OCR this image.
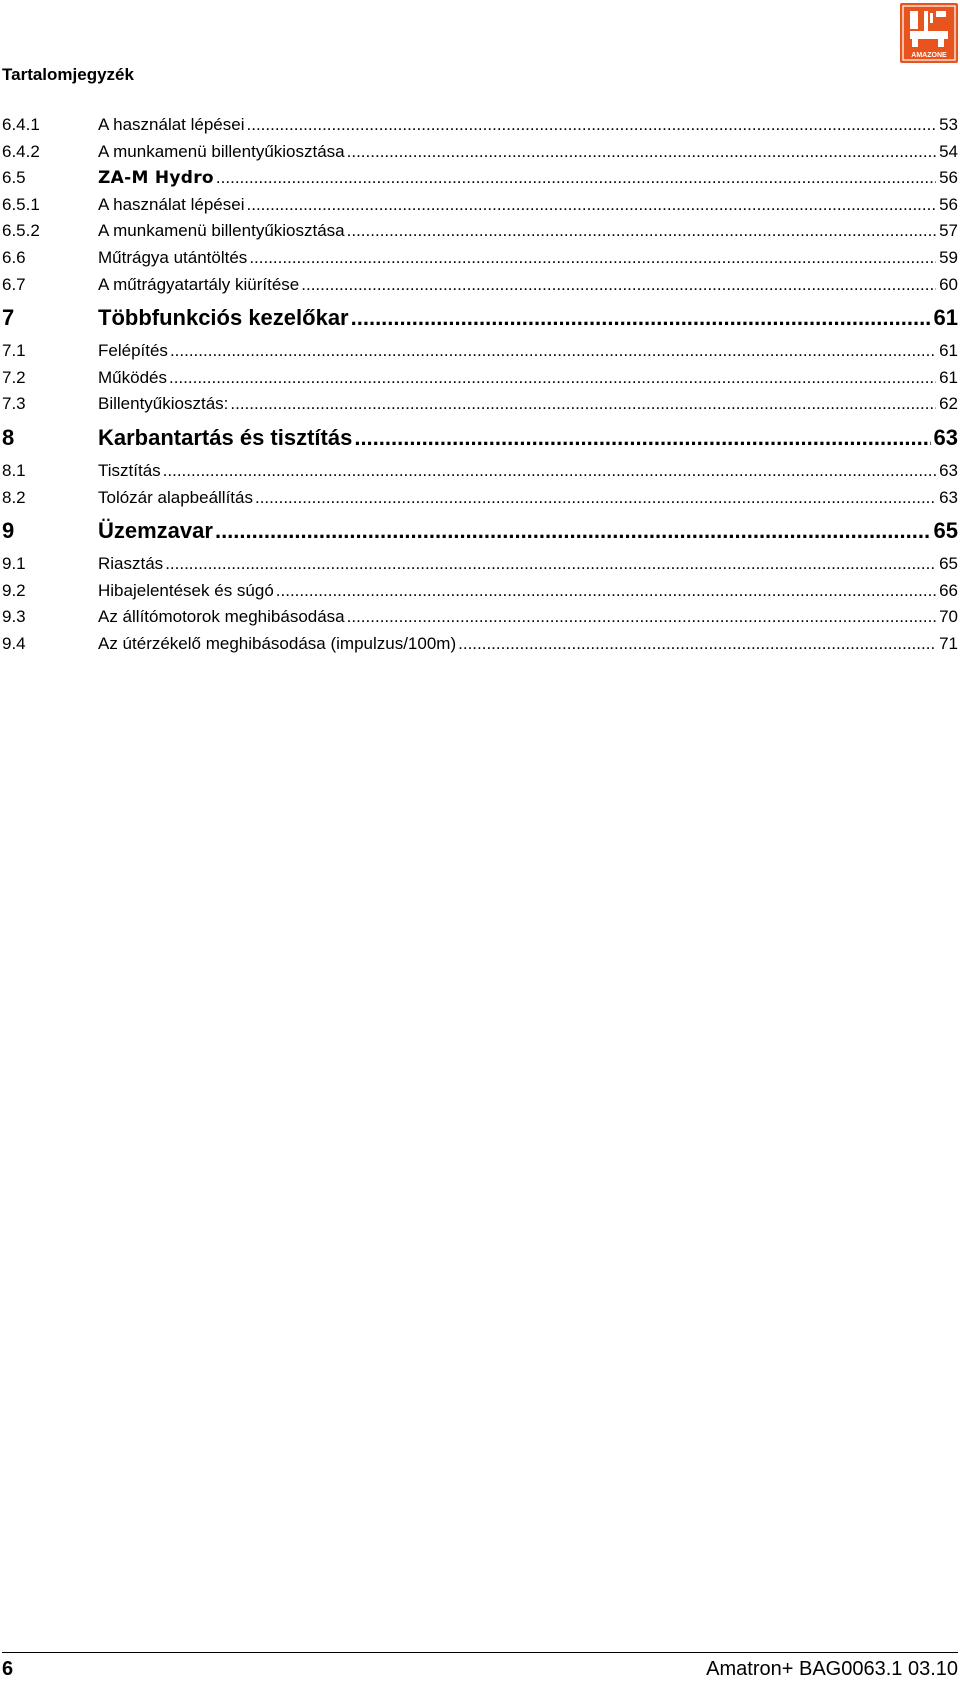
AMAZONE
Tartalomjegyzék
6.4.1	A használat lépései .....	53
6.4.2	A munkamenü billentyűkiosztása .....	54
6.5	ZA-M Hydro .....	56
6.5.1	A használat lépései .....	56
6.5.2	A munkamenü billentyűkiosztása .....	57
6.6	Műtrágya utántöltés .....	59
6.7	A műtrágyatartály kiürítése .....	60
7	Többfunkciós kezelőkar .....	61
7.1	Felépítés .....	61
7.2	Működés .....	61
7.3	Billentyűkiosztás: .....	62
8	Karbantartás és tisztítás .....	63
8.1	Tisztítás .....	63
8.2	Tolózár alapbeállítás .....	63
9	Üzemzavar .....	65
9.1	Riasztás .....	65
9.2	Hibajelentések és súgó .....	66
9.3	Az állítómotorok meghibásodása .....	70
9.4	Az útérzékelő meghibásodása (impulzus/100m) .....	71
6	Amatron+ BAG0063.1 03.10
